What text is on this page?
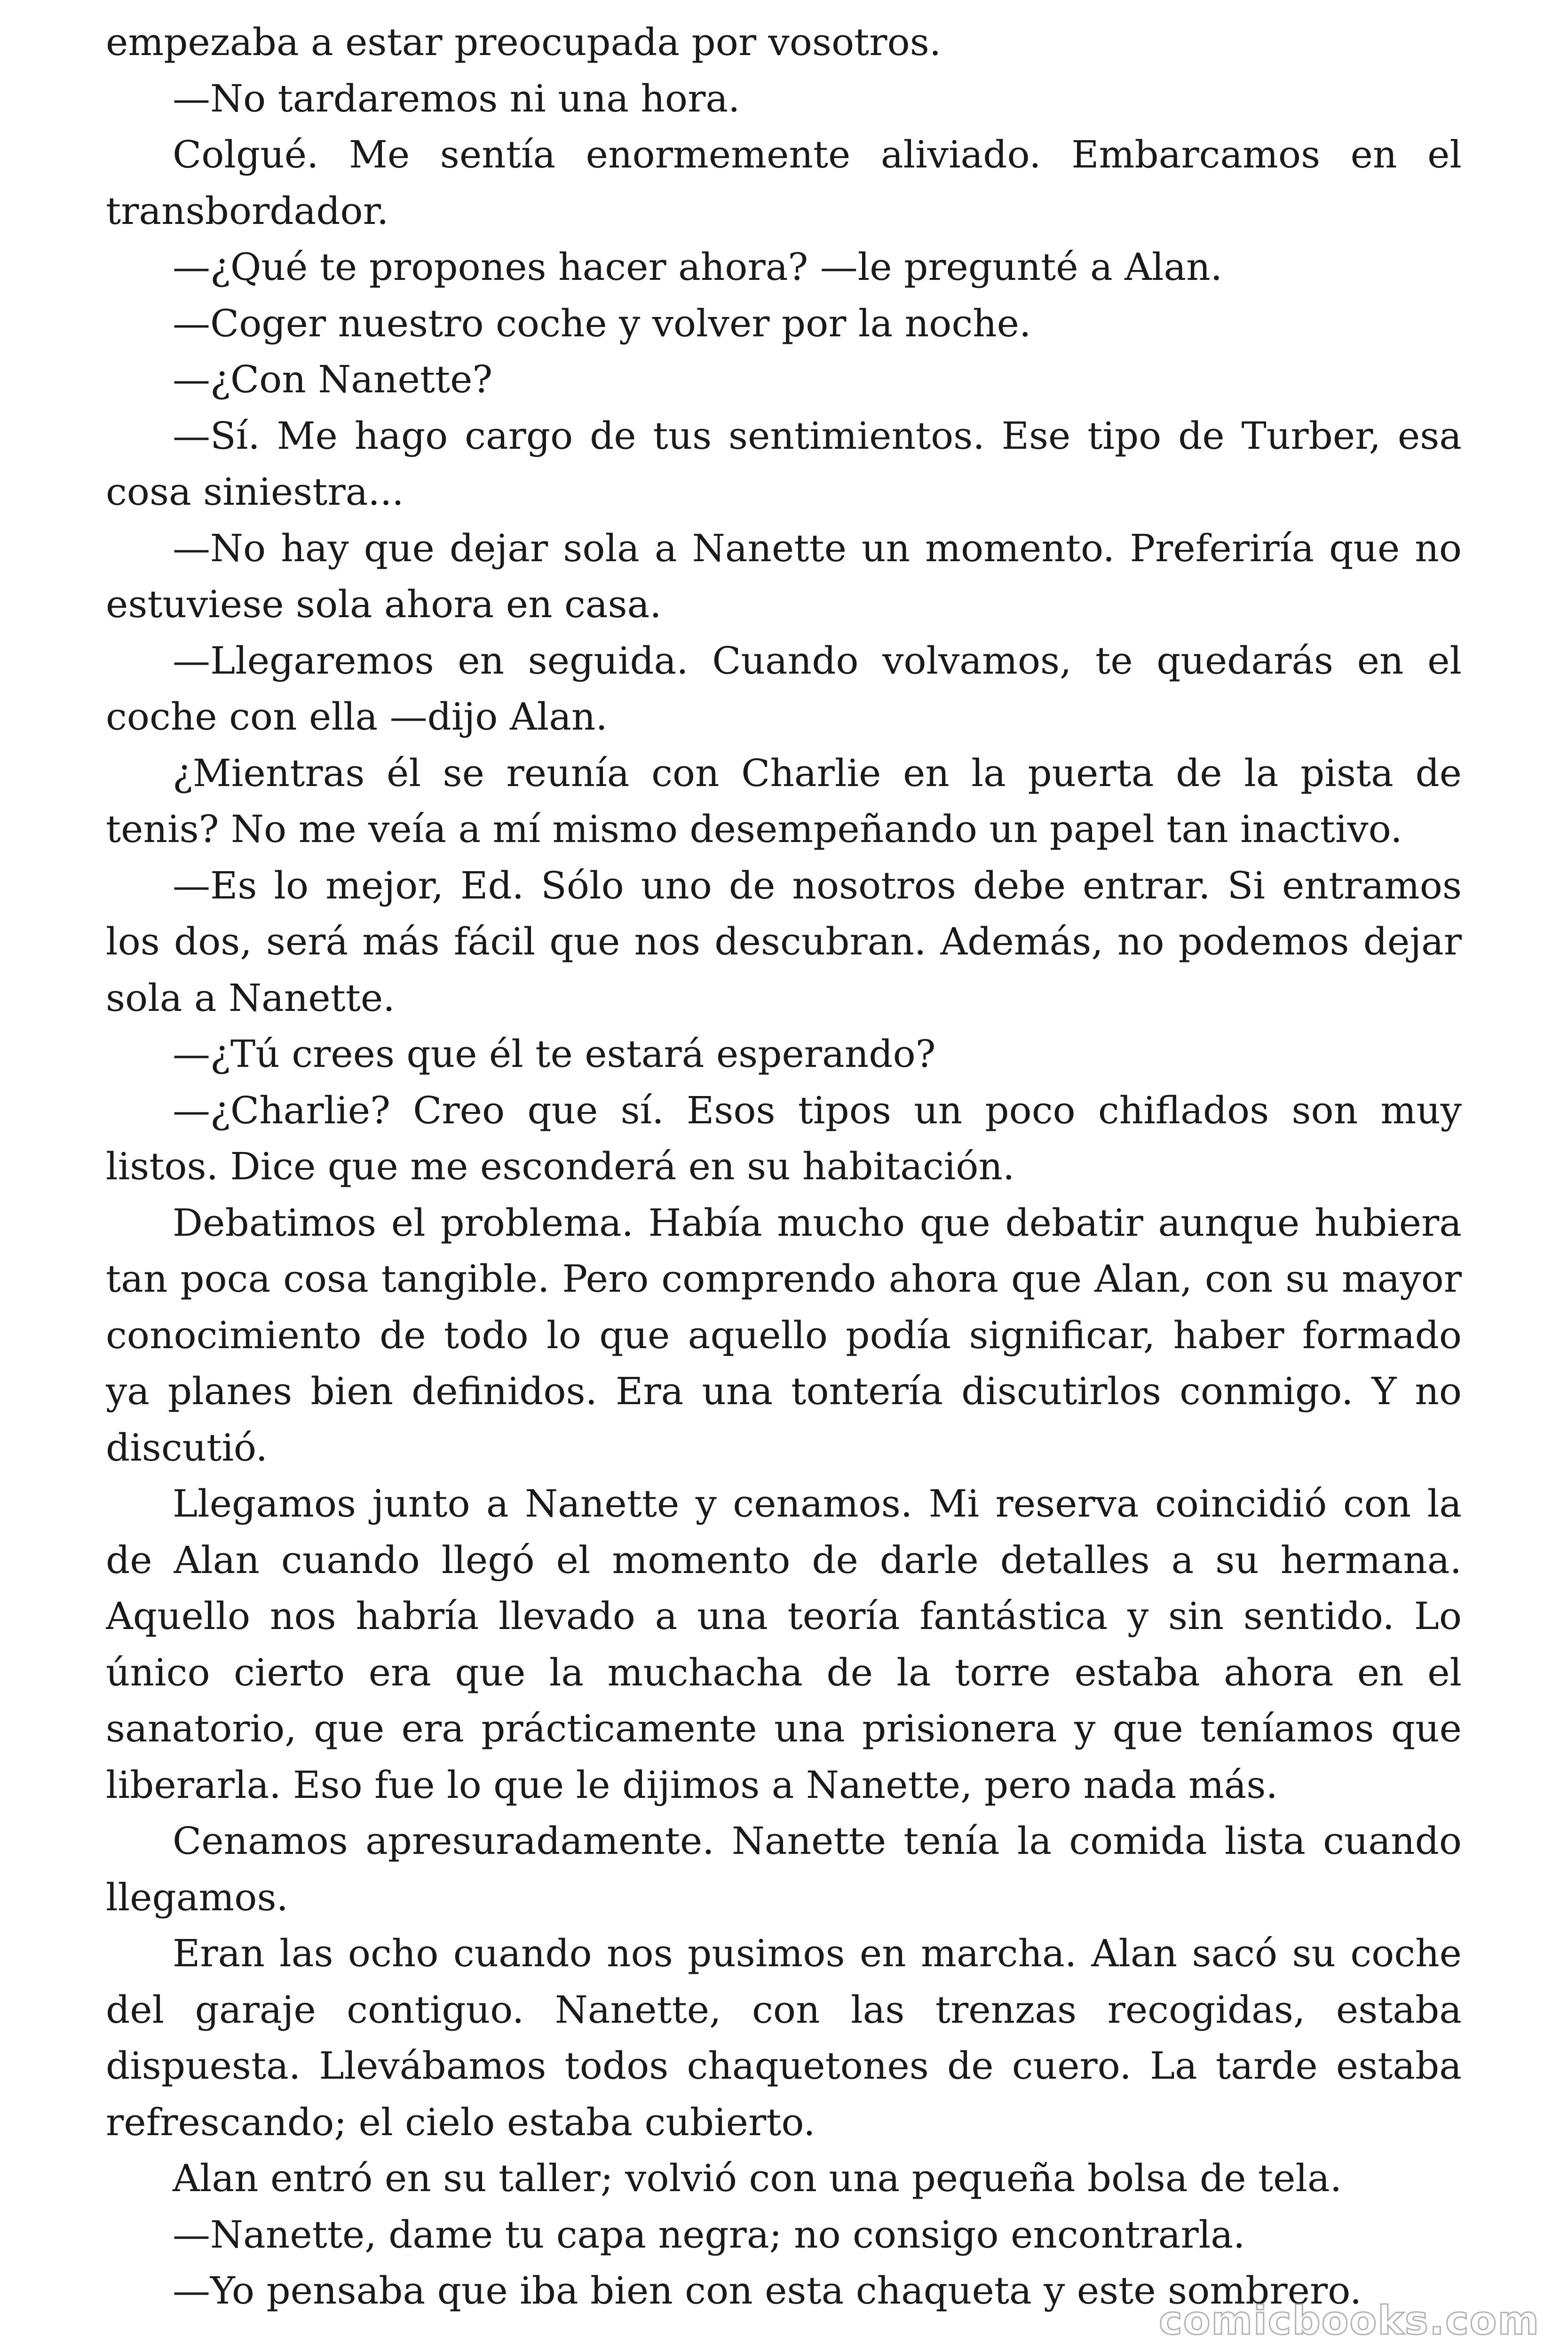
empezaba a estar preocupada por vosotros.

—No tardaremos ni una hora.

Colgué. Me sentía enormemente aliviado. Embarcamos en el transbordador.

—¿Qué te propones hacer ahora? —le pregunté a Alan.

—Coger nuestro coche y volver por la noche.

—¿Con Nanette?

—Sí. Me hago cargo de tus sentimientos. Ese tipo de Turber, esa cosa siniestra...

—No hay que dejar sola a Nanette un momento. Preferiría que no estuviese sola ahora en casa.

—Llegaremos en seguida. Cuando volvamos, te quedarás en el coche con ella —dijo Alan.

¿Mientras él se reunía con Charlie en la puerta de la pista de tenis? No me veía a mí mismo desempeñando un papel tan inactivo.

—Es lo mejor, Ed. Sólo uno de nosotros debe entrar. Si entramos los dos, será más fácil que nos descubran. Además, no podemos dejar sola a Nanette.

—¿Tú crees que él te estará esperando?

—¿Charlie? Creo que sí. Esos tipos un poco chiflados son muy listos. Dice que me esconderá en su habitación.

Debatimos el problema. Había mucho que debatir aunque hubiera tan poca cosa tangible. Pero comprendo ahora que Alan, con su mayor conocimiento de todo lo que aquello podía significar, haber formado ya planes bien definidos. Era una tontería discutirlos conmigo. Y no discutió.

Llegamos junto a Nanette y cenamos. Mi reserva coincidió con la de Alan cuando llegó el momento de darle detalles a su hermana. Aquello nos habría llevado a una teoría fantástica y sin sentido. Lo único cierto era que la muchacha de la torre estaba ahora en el sanatorio, que era prácticamente una prisionera y que teníamos que liberarla. Eso fue lo que le dijimos a Nanette, pero nada más.

Cenamos apresuradamente. Nanette tenía la comida lista cuando llegamos.

Eran las ocho cuando nos pusimos en marcha. Alan sacó su coche del garaje contiguo. Nanette, con las trenzas recogidas, estaba dispuesta. Llevábamos todos chaquetones de cuero. La tarde estaba refrescando; el cielo estaba cubierto.

Alan entró en su taller; volvió con una pequeña bolsa de tela.

—Nanette, dame tu capa negra; no consigo encontrarla.

—Yo pensaba que iba bien con esta chaqueta y este sombrero.

comicbooks.com
